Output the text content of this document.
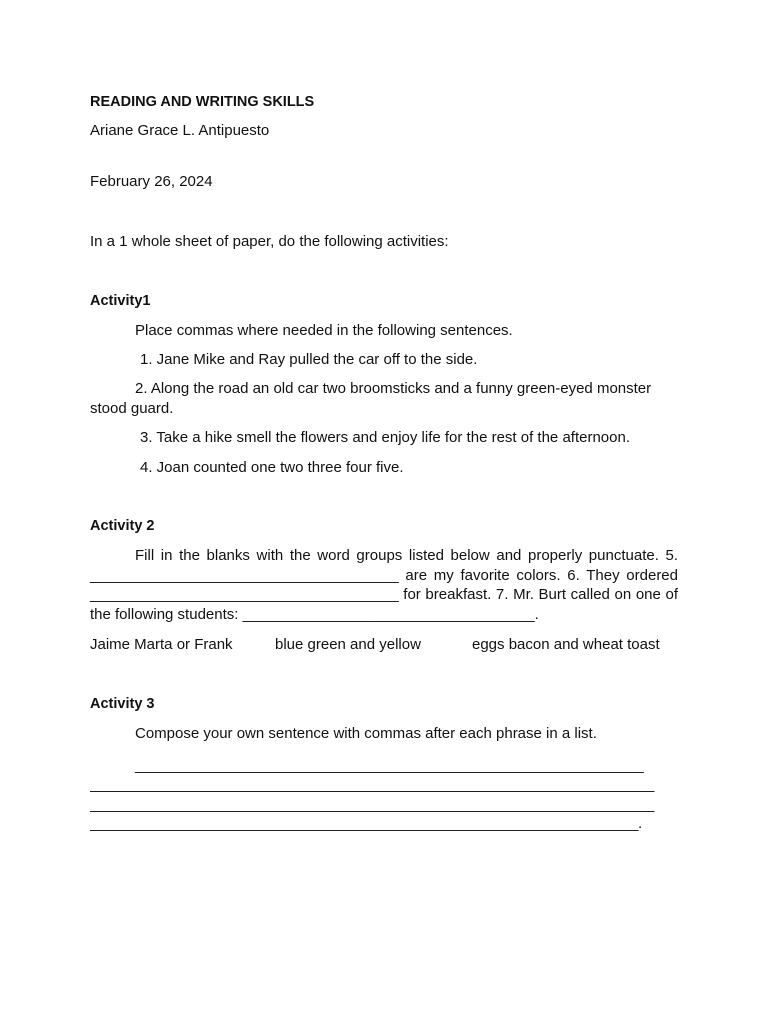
READING AND WRITING SKILLS
Ariane Grace L. Antipuesto
February 26, 2024
In a 1 whole sheet of paper, do the following activities:
Activity1
Place commas where needed in the following sentences.
1. Jane Mike and Ray pulled the car off to the side.
2. Along the road an old car two broomsticks and a funny green-eyed monster stood guard.
3. Take a hike smell the flowers and enjoy life for the rest of the afternoon.
4. Joan counted one two three four five.
Activity 2
Fill in the blanks with the word groups listed below and properly punctuate. 5. _____________________________________ are my favorite colors. 6. They ordered _____________________________________ for breakfast. 7. Mr. Burt called on one of the following students: ___________________________________.
Jaime Marta or Frank	blue green and yellow	eggs bacon and wheat toast
Activity 3
Compose your own sentence with commas after each phrase in a list.
________________________________________________________________
_______________________________________________________________________
_______________________________________________________________________
_____________________________________________________________________.
